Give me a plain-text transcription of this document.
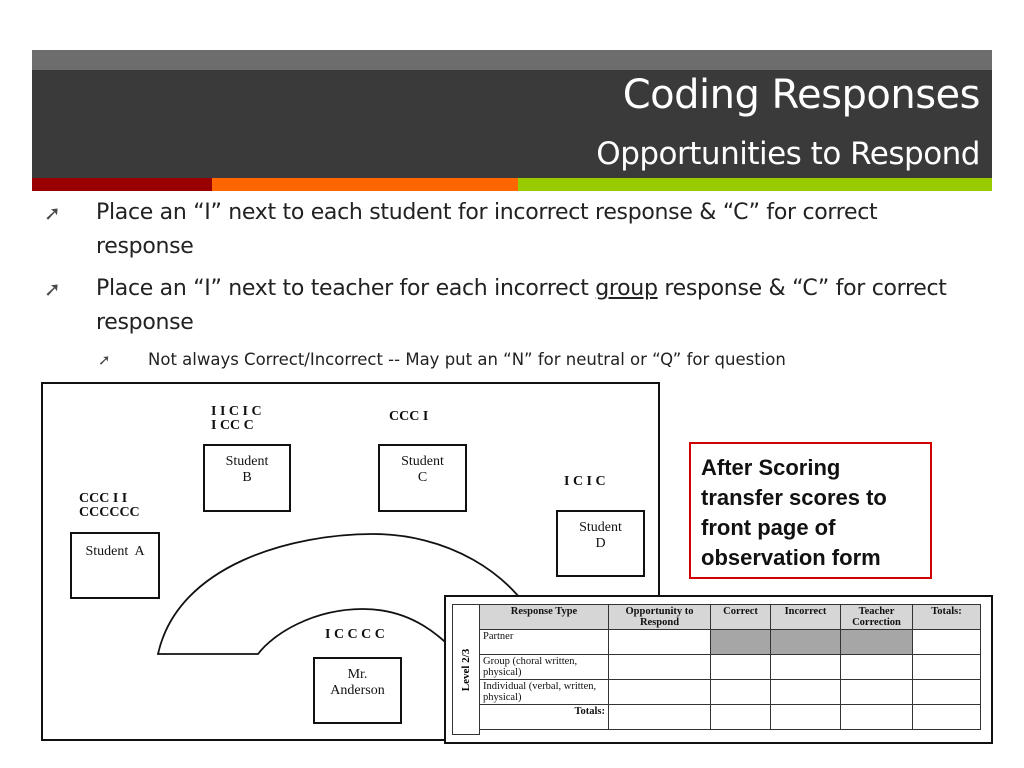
Coding Responses
Opportunities to Respond
➚ Place an “I” next to each student for incorrect response & “C” for correct response
➚ Place an “I” next to teacher for each incorrect group response & “C” for correct response
➚ Not always Correct/Incorrect -- May put an “N” for neutral or “Q” for question
I I C I C
I CC C
Student
B
CCC I
Student
C
CCC I I
CCCCCC
Student  A
I C I C
Student
D
I C C C C
Mr.
Anderson
After Scoring transfer scores to front page of observation form
Level 2/3
Response Type	Opportunity to Respond	Correct	Incorrect	Teacher Correction	Totals:
Partner					
Group (choral written, physical)					
Individual (verbal, written, physical)					
Totals:					
